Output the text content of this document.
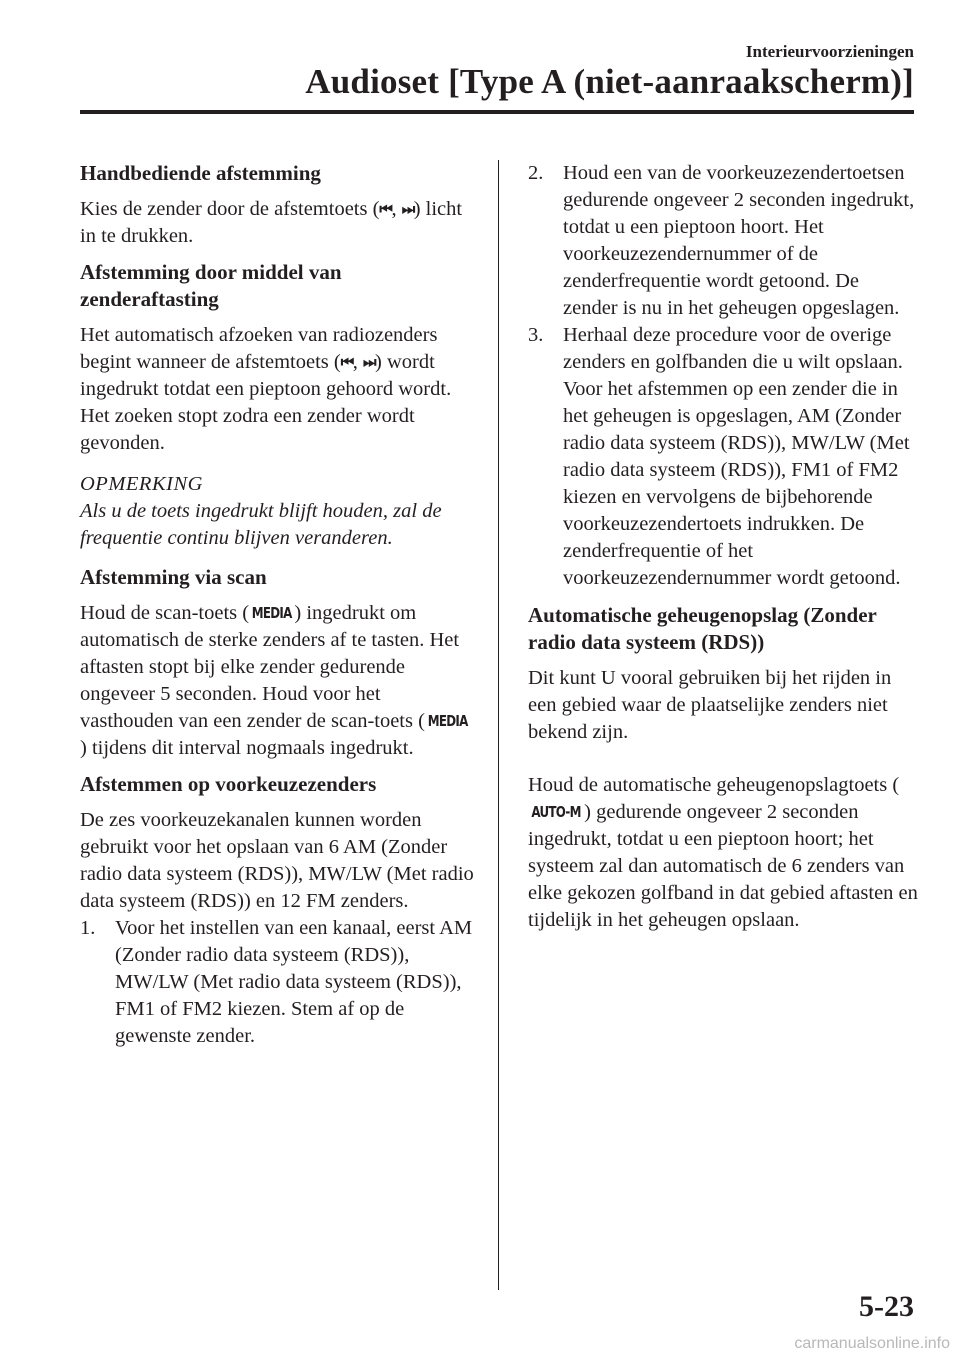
Interieurvoorzieningen
Audioset [Type A (niet-aanraakscherm)]
Handbediende afstemming

Kies de zender door de afstemtoets (⏮, ⏭) licht in te drukken.

Afstemming door middel van zenderaftasting

Het automatisch afzoeken van radiozenders begint wanneer de afstemtoets (⏮, ⏭) wordt ingedrukt totdat een pieptoon gehoord wordt. Het zoeken stopt zodra een zender wordt gevonden.

OPMERKING
Als u de toets ingedrukt blijft houden, zal de frequentie continu blijven veranderen.
Afstemming via scan

Houd de scan-toets ( MEDIA ) ingedrukt om automatisch de sterke zenders af te tasten. Het aftasten stopt bij elke zender gedurende ongeveer 5 seconden. Houd voor het vasthouden van een zender de scan-toets ( MEDIA) tijdens dit interval nogmaals ingedrukt.

Afstemmen op voorkeuzezenders

De zes voorkeuzekanalen kunnen worden gebruikt voor het opslaan van 6 AM (Zonder radio data systeem (RDS)), MW/LW (Met radio data systeem (RDS)) en 12 FM zenders.

1. Voor het instellen van een kanaal, eerst AM (Zonder radio data systeem (RDS)), MW/LW (Met radio data systeem (RDS)), FM1 of FM2 kiezen. Stem af op de gewenste zender.
2. Houd een van de voorkeuzezendertoetsen gedurende ongeveer 2 seconden ingedrukt, totdat u een pieptoon hoort. Het voorkeuzezendernummer of de zenderfrequentie wordt getoond. De zender is nu in het geheugen opgeslagen.
3. Herhaal deze procedure voor de overige zenders en golfbanden die u wilt opslaan. Voor het afstemmen op een zender die in het geheugen is opgeslagen, AM (Zonder radio data systeem (RDS)), MW/LW (Met radio data systeem (RDS)), FM1 of FM2 kiezen en vervolgens de bijbehorende voorkeuzezendertoets indrukken. De zenderfrequentie of het voorkeuzezendernummer wordt getoond.
Automatische geheugenopslag (Zonder radio data systeem (RDS))

Dit kunt U vooral gebruiken bij het rijden in een gebied waar de plaatselijke zenders niet bekend zijn.

Houd de automatische geheugenopslagtoets (AUTO-M ) gedurende ongeveer 2 seconden ingedrukt, totdat u een pieptoon hoort; het systeem zal dan automatisch de 6 zenders van elke gekozen golfband in dat gebied aftasten en tijdelijk in het geheugen opslaan.

5-23
carmanualsonline.info
